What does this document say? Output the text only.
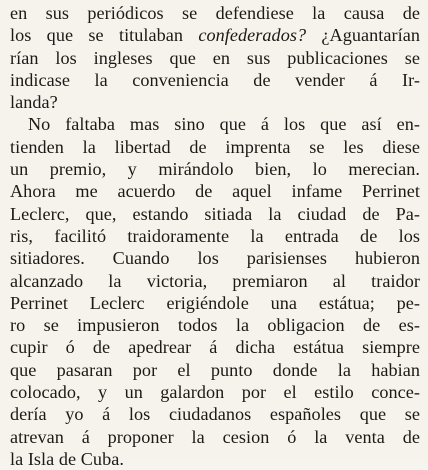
en sus periódicos se defendiese la causa de
los que se titulaban confederados? ¿Aguantarían
rían los ingleses que en sus publicaciones se
indicase la conveniencia de vender á Ir-
landa?
No faltaba mas sino que á los que así en-
tienden la libertad de imprenta se les diese
un premio, y mirándolo bien, lo merecian.
Ahora me acuerdo de aquel infame Perrinet
Leclerc, que, estando sitiada la ciudad de Pa-
ris, facilitó traidoramente la entrada de los
sitiadores. Cuando los parisienses hubieron
alcanzado la victoria, premiaron al traidor
Perrinet Leclerc erigiéndole una estátua; pe-
ro se impusieron todos la obligacion de es-
cupir ó de apedrear á dicha estátua siempre
que pasaran por el punto donde la habian
colocado, y un galardon por el estilo conce-
dería yo á los ciudadanos españoles que se
atrevan á proponer la cesion ó la venta de
la Isla de Cuba.
